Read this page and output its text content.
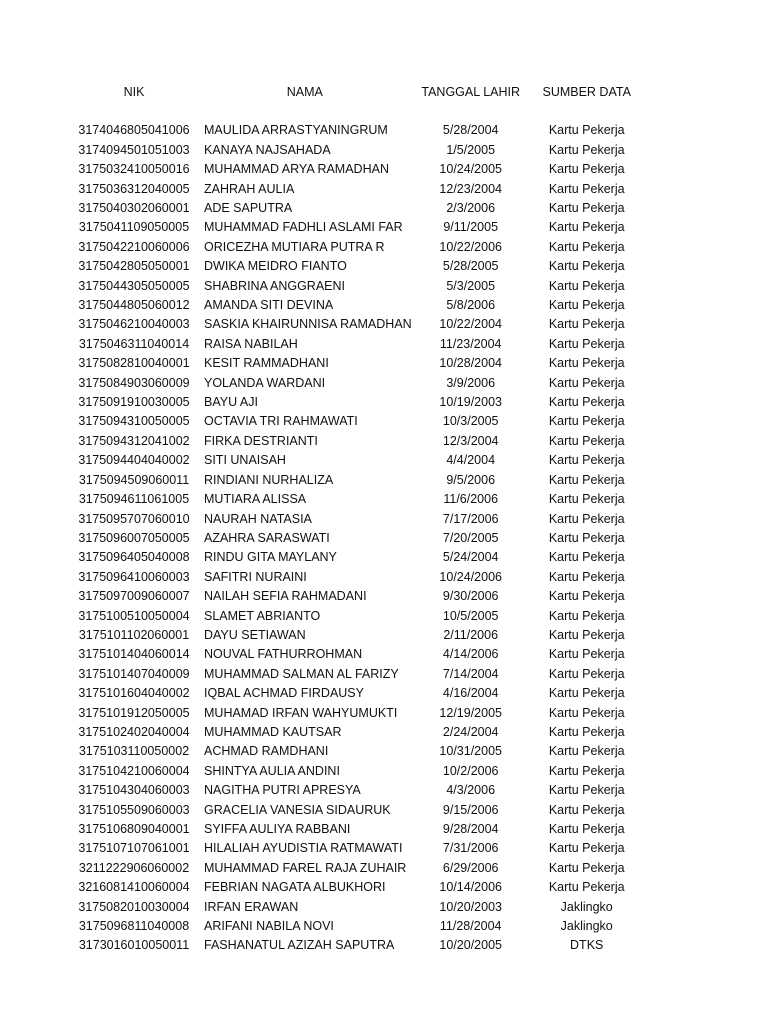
NIK	NAMA	TANGGAL LAHIR	SUMBER DATA

3174046805041006	MAULIDA ARRASTYANINGRUM	5/28/2004	Kartu Pekerja
3174094501051003	KANAYA NAJSAHADA	1/5/2005	Kartu Pekerja
3175032410050016	MUHAMMAD ARYA RAMADHAN	10/24/2005	Kartu Pekerja
3175036312040005	ZAHRAH AULIA	12/23/2004	Kartu Pekerja
3175040302060001	ADE SAPUTRA	2/3/2006	Kartu Pekerja
3175041109050005	MUHAMMAD FADHLI ASLAMI FAR	9/11/2005	Kartu Pekerja
3175042210060006	ORICEZHA MUTIARA PUTRA R	10/22/2006	Kartu Pekerja
3175042805050001	DWIKA MEIDRO FIANTO	5/28/2005	Kartu Pekerja
3175044305050005	SHABRINA ANGGRAENI	5/3/2005	Kartu Pekerja
3175044805060012	AMANDA SITI DEVINA	5/8/2006	Kartu Pekerja
3175046210040003	SASKIA KHAIRUNNISA RAMADHAN	10/22/2004	Kartu Pekerja
3175046311040014	RAISA NABILAH	11/23/2004	Kartu Pekerja
3175082810040001	KESIT RAMMADHANI	10/28/2004	Kartu Pekerja
3175084903060009	YOLANDA WARDANI	3/9/2006	Kartu Pekerja
3175091910030005	BAYU AJI	10/19/2003	Kartu Pekerja
3175094310050005	OCTAVIA TRI RAHMAWATI	10/3/2005	Kartu Pekerja
3175094312041002	FIRKA DESTRIANTI	12/3/2004	Kartu Pekerja
3175094404040002	SITI UNAISAH	4/4/2004	Kartu Pekerja
3175094509060011	RINDIANI NURHALIZA	9/5/2006	Kartu Pekerja
3175094611061005	MUTIARA ALISSA	11/6/2006	Kartu Pekerja
3175095707060010	NAURAH NATASIA	7/17/2006	Kartu Pekerja
3175096007050005	AZAHRA SARASWATI	7/20/2005	Kartu Pekerja
3175096405040008	RINDU GITA MAYLANY	5/24/2004	Kartu Pekerja
3175096410060003	SAFITRI NURAINI	10/24/2006	Kartu Pekerja
3175097009060007	NAILAH SEFIA RAHMADANI	9/30/2006	Kartu Pekerja
3175100510050004	SLAMET ABRIANTO	10/5/2005	Kartu Pekerja
3175101102060001	DAYU SETIAWAN	2/11/2006	Kartu Pekerja
3175101404060014	NOUVAL FATHURROHMAN	4/14/2006	Kartu Pekerja
3175101407040009	MUHAMMAD SALMAN AL FARIZY	7/14/2004	Kartu Pekerja
3175101604040002	IQBAL ACHMAD FIRDAUSY	4/16/2004	Kartu Pekerja
3175101912050005	MUHAMAD IRFAN WAHYUMUKTI	12/19/2005	Kartu Pekerja
3175102402040004	MUHAMMAD KAUTSAR	2/24/2004	Kartu Pekerja
3175103110050002	ACHMAD RAMDHANI	10/31/2005	Kartu Pekerja
3175104210060004	SHINTYA AULIA ANDINI	10/2/2006	Kartu Pekerja
3175104304060003	NAGITHA PUTRI APRESYA	4/3/2006	Kartu Pekerja
3175105509060003	GRACELIA VANESIA SIDAURUK	9/15/2006	Kartu Pekerja
3175106809040001	SYIFFA AULIYA RABBANI	9/28/2004	Kartu Pekerja
3175107107061001	HILALIAH AYUDISTIA RATMAWATI	7/31/2006	Kartu Pekerja
3211222906060002	MUHAMMAD FAREL RAJA ZUHAIR	6/29/2006	Kartu Pekerja
3216081410060004	FEBRIAN NAGATA ALBUKHORI	10/14/2006	Kartu Pekerja
3175082010030004	IRFAN ERAWAN	10/20/2003	Jaklingko
3175096811040008	ARIFANI NABILA NOVI	11/28/2004	Jaklingko
3173016010050011	FASHANATUL AZIZAH SAPUTRA	10/20/2005	DTKS
